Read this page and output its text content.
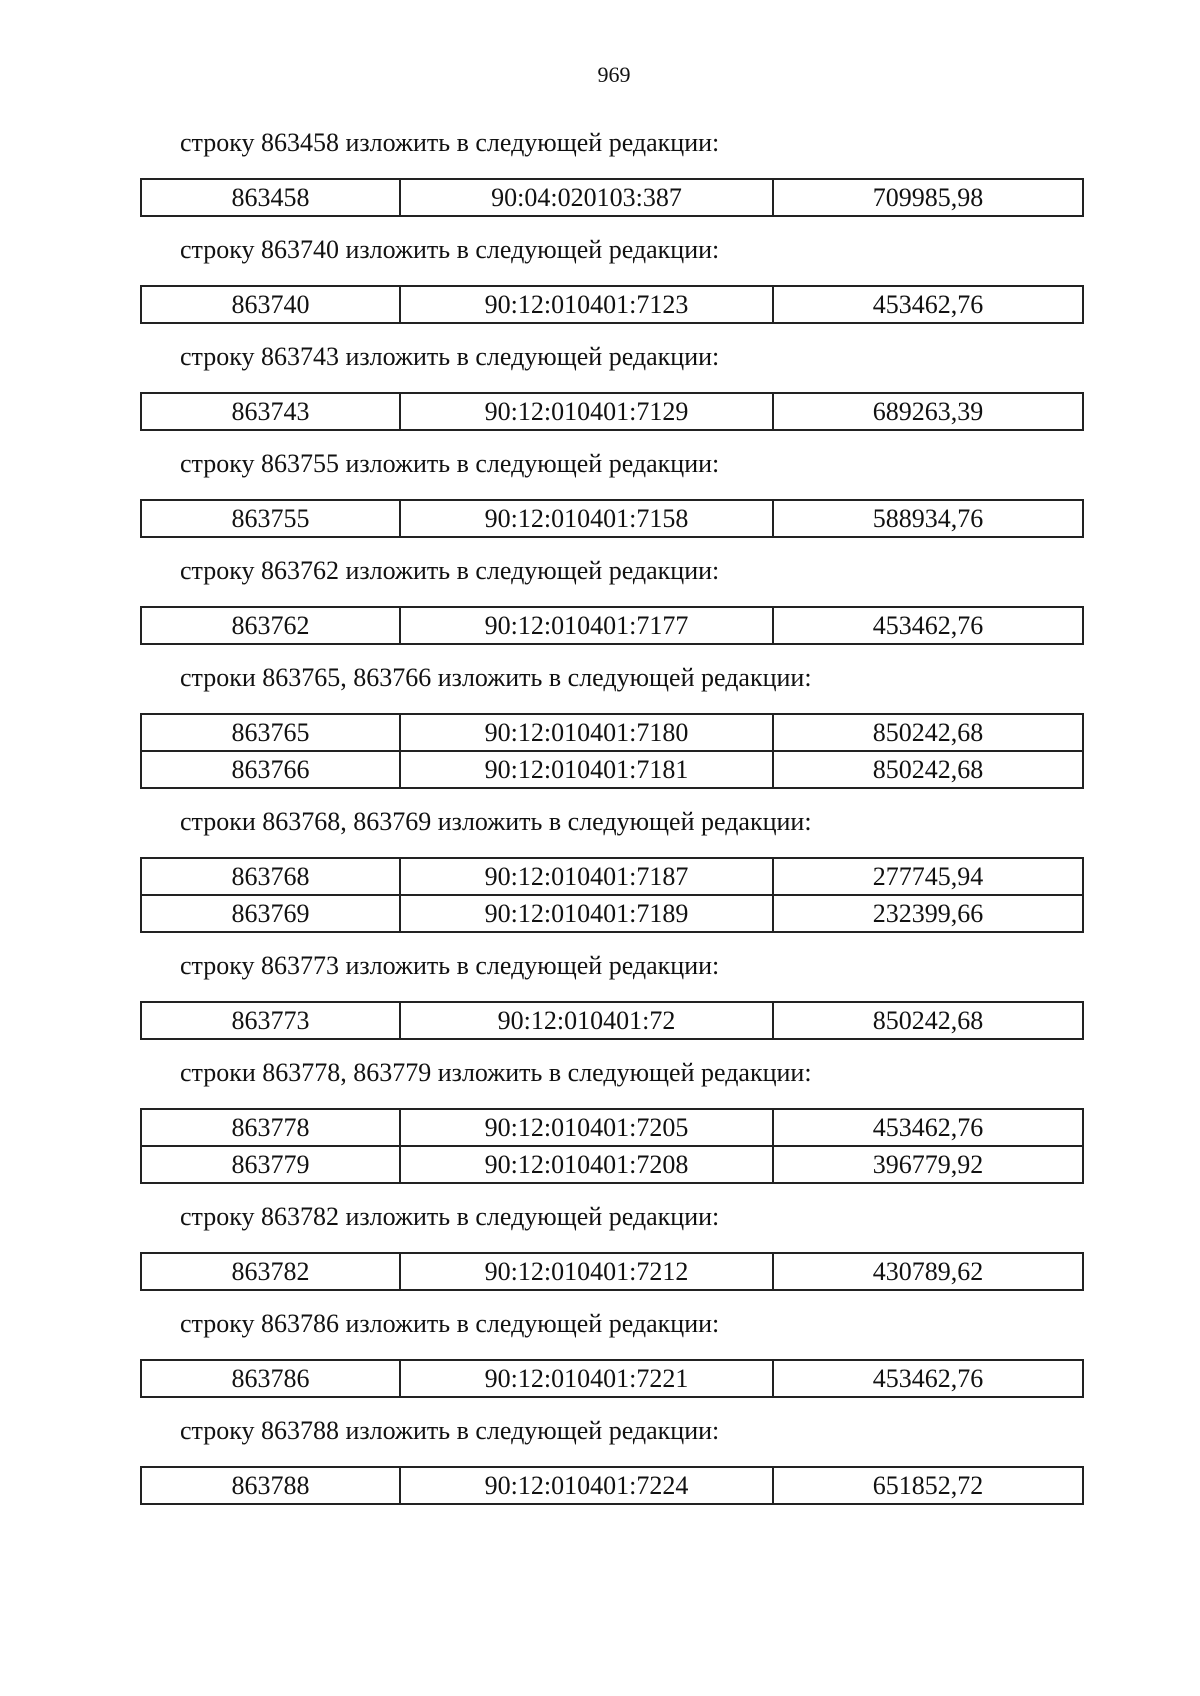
969

строку 863458 изложить в следующей редакции:

863458	90:04:020103:387	709985,98

строку 863740 изложить в следующей редакции:

863740	90:12:010401:7123	453462,76

строку 863743 изложить в следующей редакции:

863743	90:12:010401:7129	689263,39

строку 863755 изложить в следующей редакции:

863755	90:12:010401:7158	588934,76

строку 863762 изложить в следующей редакции:

863762	90:12:010401:7177	453462,76

строки 863765, 863766 изложить в следующей редакции:

863765	90:12:010401:7180	850242,68
863766	90:12:010401:7181	850242,68

строки 863768, 863769 изложить в следующей редакции:

863768	90:12:010401:7187	277745,94
863769	90:12:010401:7189	232399,66

строку 863773 изложить в следующей редакции:

863773	90:12:010401:72	850242,68

строки 863778, 863779 изложить в следующей редакции:

863778	90:12:010401:7205	453462,76
863779	90:12:010401:7208	396779,92

строку 863782 изложить в следующей редакции:

863782	90:12:010401:7212	430789,62

строку 863786 изложить в следующей редакции:

863786	90:12:010401:7221	453462,76

строку 863788 изложить в следующей редакции:

863788	90:12:010401:7224	651852,72
